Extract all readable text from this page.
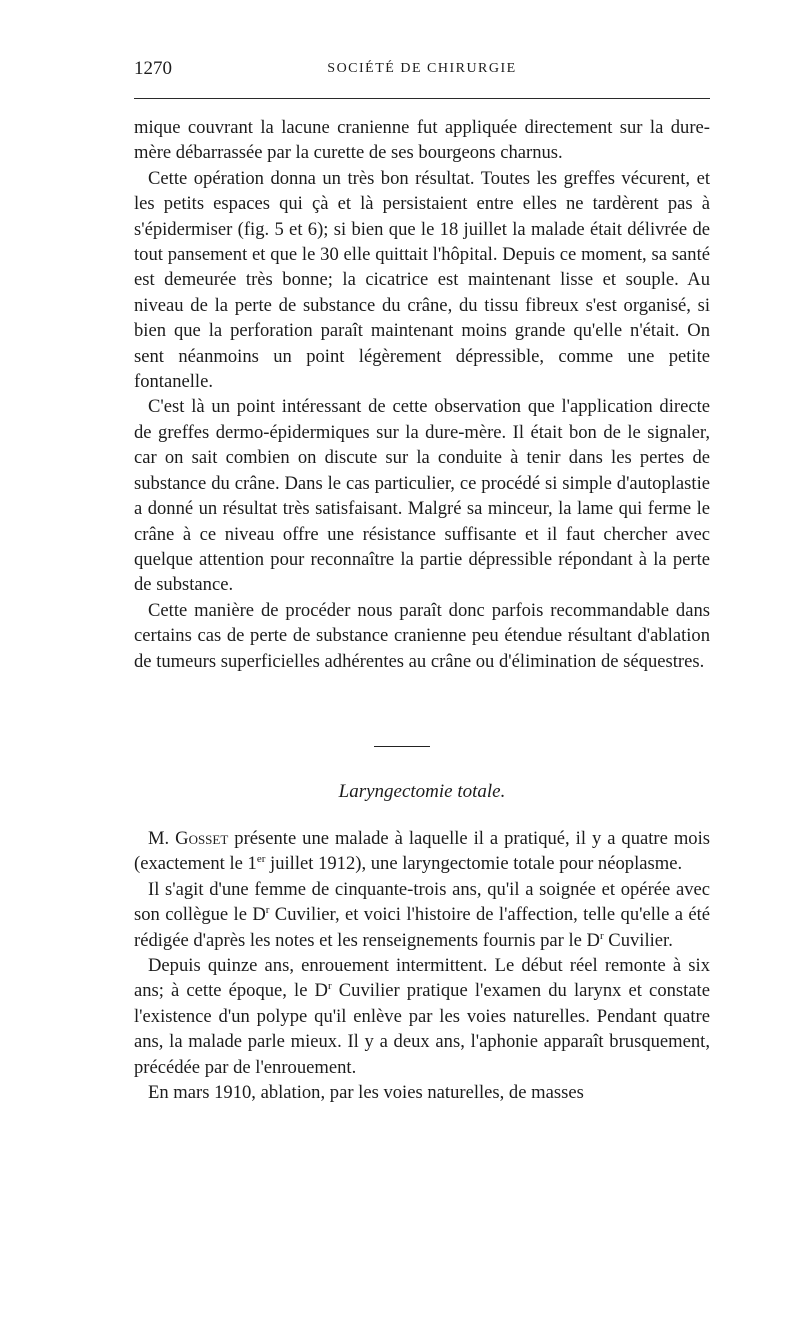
1270	SOCIÉTÉ DE CHIRURGIE

mique couvrant la lacune cranienne fut appliquée directement sur la dure-mère débarrassée par la curette de ses bourgeons charnus.

Cette opération donna un très bon résultat. Toutes les greffes vécurent, et les petits espaces qui çà et là persistaient entre elles ne tardèrent pas à s'épidermiser (fig. 5 et 6); si bien que le 18 juillet la malade était délivrée de tout pansement et que le 30 elle quittait l'hôpital. Depuis ce moment, sa santé est demeurée très bonne; la cicatrice est maintenant lisse et souple. Au niveau de la perte de substance du crâne, du tissu fibreux s'est organisé, si bien que la perforation paraît maintenant moins grande qu'elle n'était. On sent néanmoins un point légèrement dépressible, comme une petite fontanelle.

C'est là un point intéressant de cette observation que l'application directe de greffes dermo-épidermiques sur la dure-mère. Il était bon de le signaler, car on sait combien on discute sur la conduite à tenir dans les pertes de substance du crâne. Dans le cas particulier, ce procédé si simple d'autoplastie a donné un résultat très satisfaisant. Malgré sa minceur, la lame qui ferme le crâne à ce niveau offre une résistance suffisante et il faut chercher avec quelque attention pour reconnaître la partie dépressible répondant à la perte de substance.

Cette manière de procéder nous paraît donc parfois recommandable dans certains cas de perte de substance cranienne peu étendue résultant d'ablation de tumeurs superficielles adhérentes au crâne ou d'élimination de séquestres.

Laryngectomie totale.

M. Gosset présente une malade à laquelle il a pratiqué, il y a quatre mois (exactement le 1er juillet 1912), une laryngectomie totale pour néoplasme.

Il s'agit d'une femme de cinquante-trois ans, qu'il a soignée et opérée avec son collègue le $D^r$ Cuvilier, et voici l'histoire de l'affection, telle qu'elle a été rédigée d'après les notes et les renseignements fournis par le $D^r$ Cuvilier.

Depuis quinze ans, enrouement intermittent. Le début réel remonte à six ans; à cette époque, le $D^r$ Cuvilier pratique l'examen du larynx et constate l'existence d'un polype qu'il enlève par les voies naturelles. Pendant quatre ans, la malade parle mieux. Il y a deux ans, l'aphonie apparaît brusquement, précédée par de l'enrouement.

En mars 1910, ablation, par les voies naturelles, de masses
